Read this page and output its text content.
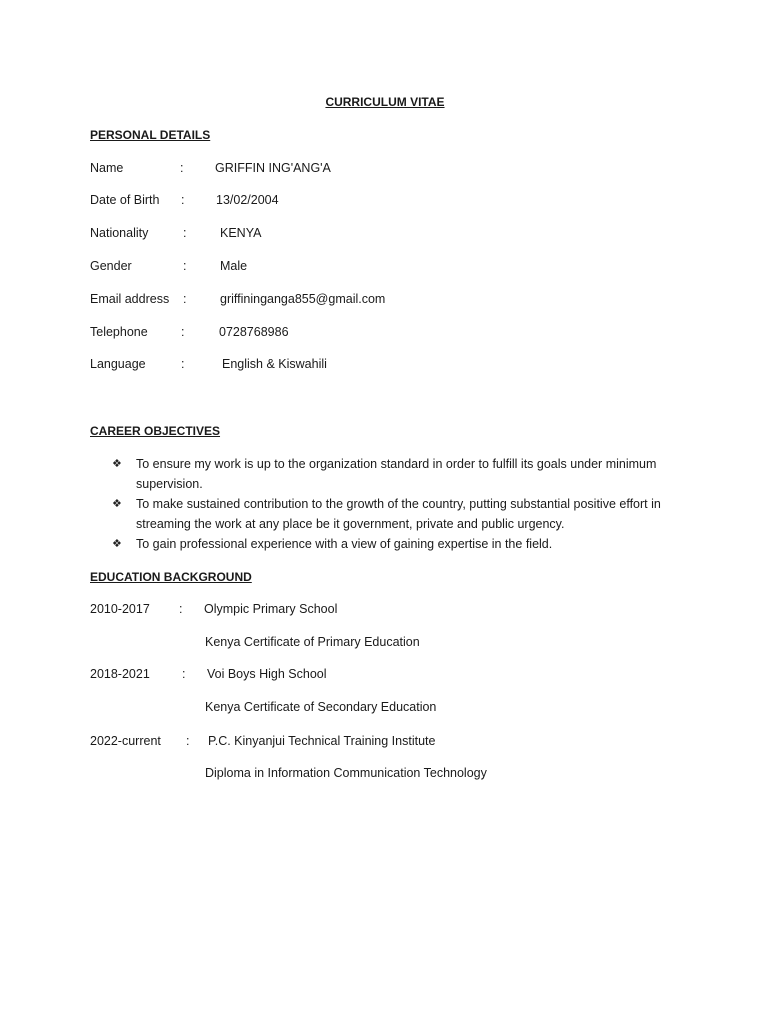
CURRICULUM VITAE
PERSONAL DETAILS
Name	:	GRIFFIN ING'ANG'A
Date of Birth :	13/02/2004
Nationality	:	KENYA
Gender	:	Male
Email address :	griffininganga855@gmail.com
Telephone	:	0728768986
Language	:	English & Kiswahili
CAREER OBJECTIVES
❖ To ensure my work is up to the organization standard in order to fulfill its goals under minimum supervision.
❖ To make sustained contribution to the growth of the country, putting substantial positive effort in streaming the work at any place be it government, private and public urgency.
❖ To gain professional experience with a view of gaining expertise in the field.
EDUCATION BACKGROUND
2010-2017 : Olympic Primary School
Kenya Certificate of Primary Education
2018-2021	: Voi Boys High School
Kenya Certificate of Secondary Education
2022-current : P.C. Kinyanjui Technical Training Institute
Diploma in Information Communication Technology
